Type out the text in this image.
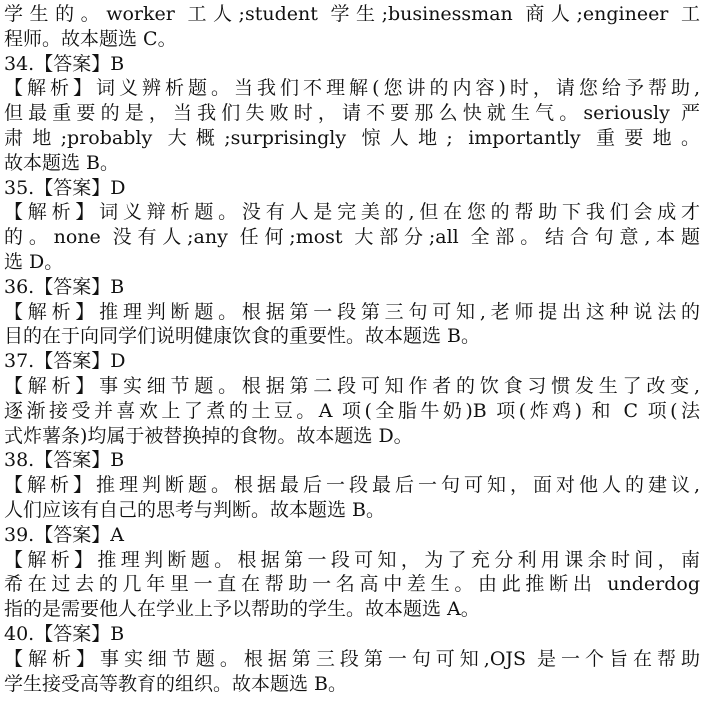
学生的。worker 工人;student 学生;businessman 商人;engineer 工
程师。故本题选 C。
34.【答案】B
【解析】词义辨析题。当我们不理解(您讲的内容)时，请您给予帮助,
但最重要的是，当我们失败时，请不要那么快就生气。seriously 严
肃地;probably 大概;surprisingly 惊人地; importantly 重要地。
故本题选 B。
35.【答案】D
【解析】词义辩析题。没有人是完美的,但在您的帮助下我们会成才
的。none 没有人;any 任何;most 大部分;all 全部。结合句意,本题
选 D。
36.【答案】B
【解析】推理判断题。根据第一段第三句可知,老师提出这种说法的
目的在于向同学们说明健康饮食的重要性。故本题选 B。
37.【答案】D
【解析】事实细节题。根据第二段可知作者的饮食习惯发生了改变,
逐渐接受并喜欢上了煮的土豆。A 项(全脂牛奶)B 项(炸鸡) 和 C 项(法
式炸薯条)均属于被替换掉的食物。故本题选 D。
38.【答案】B
【解析】推理判断题。根据最后一段最后一句可知，面对他人的建议,
人们应该有自己的思考与判断。故本题选 B。
39.【答案】A
【解析】推理判断题。根据第一段可知，为了充分利用课余时间，南
希在过去的几年里一直在帮助一名高中差生。由此推断出 underdog
指的是需要他人在学业上予以帮助的学生。故本题选 A。
40.【答案】B
【解析】事实细节题。根据第三段第一句可知,OJS 是一个旨在帮助
学生接受高等教育的组织。故本题选 B。
